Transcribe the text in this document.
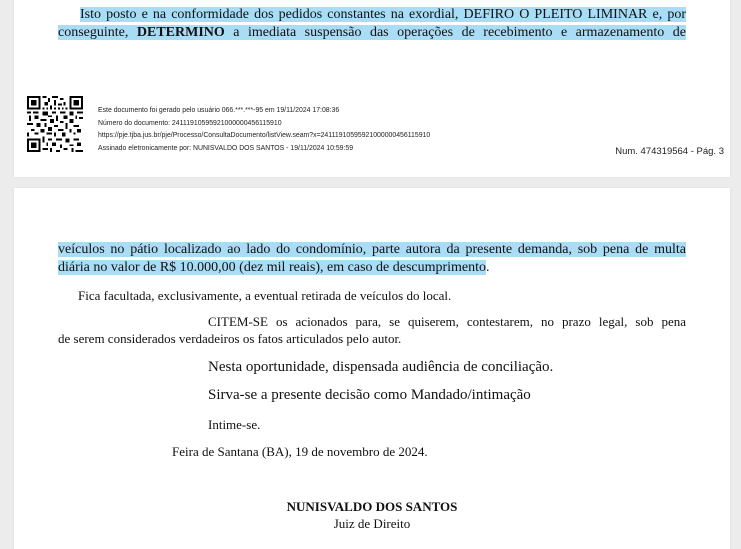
Isto posto e na conformidade dos pedidos constantes na exordial, DEFIRO O PLEITO LIMINAR e, por
conseguinte, DETERMINO a imediata suspensão das operações de recebimento e armazenamento de
Este documento foi gerado pelo usuário 066.***.***-95 em 19/11/2024 17:08:36
Número do documento: 24111910595921000000456115910
https://pje.tjba.jus.br/pje/Processo/ConsultaDocumento/listView.seam?x=24111910595921000000456115910
Assinado eletronicamente por: NUNISVALDO DOS SANTOS - 19/11/2024 10:59:59	Num. 474319564 - Pág. 3
veículos no pátio localizado ao lado do condomínio, parte autora da presente demanda, sob pena de multa
diária no valor de R$ 10.000,00 (dez mil reais), em caso de descumprimento.
Fica facultada, exclusivamente, a eventual retirada de veículos do local.
CITEM-SE os acionados para, se quiserem, contestarem, no prazo legal, sob pena
de serem considerados verdadeiros os fatos articulados pelo autor.
Nesta oportunidade, dispensada audiência de conciliação.
Sirva-se a presente decisão como Mandado/intimação
Intime-se.
Feira de Santana (BA), 19 de novembro de 2024.
NUNISVALDO DOS SANTOS
Juiz de Direito
